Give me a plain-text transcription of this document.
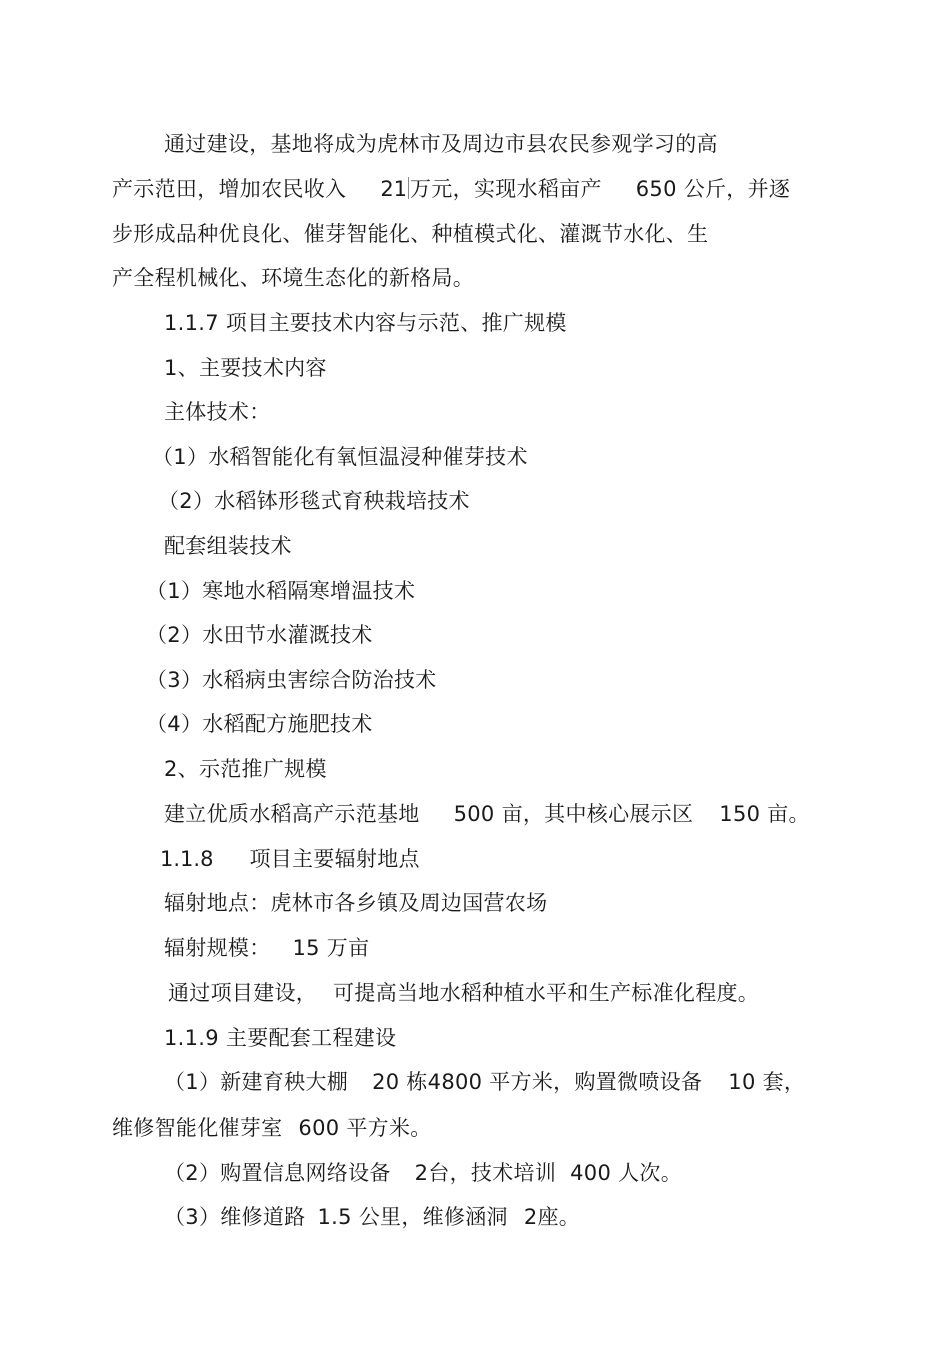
通过建设，基地将成为虎林市及周边市县农民参观学习的高
产示范田，增加农民收入 21 万元，实现水稻亩产 650 公斤，并逐
步形成品种优良化、催芽智能化、种植模式化、灌溉节水化、生
产全程机械化、环境生态化的新格局。
1.1.7 项目主要技术内容与示范、推广规模
1、主要技术内容
主体技术：
（1）水稻智能化有氧恒温浸种催芽技术
（2）水稻钵形毯式育秧栽培技术
配套组装技术
（1）寒地水稻隔寒增温技术
（2）水田节水灌溉技术
（3）水稻病虫害综合防治技术
（4）水稻配方施肥技术
2、示范推广规模
建立优质水稻高产示范基地 500 亩，其中核心展示区 150 亩。
1.1.8 项目主要辐射地点
辐射地点：虎林市各乡镇及周边国营农场
辐射规模： 15 万亩
通过项目建设， 可提高当地水稻种植水平和生产标准化程度。
1.1.9 主要配套工程建设
（1）新建育秧大棚 20 栋4800 平方米，购置微喷设备 10 套，
维修智能化催芽室 600 平方米。
（2）购置信息网络设备 2台，技术培训 400 人次。
（3）维修道路 1.5 公里，维修涵洞 2座。
